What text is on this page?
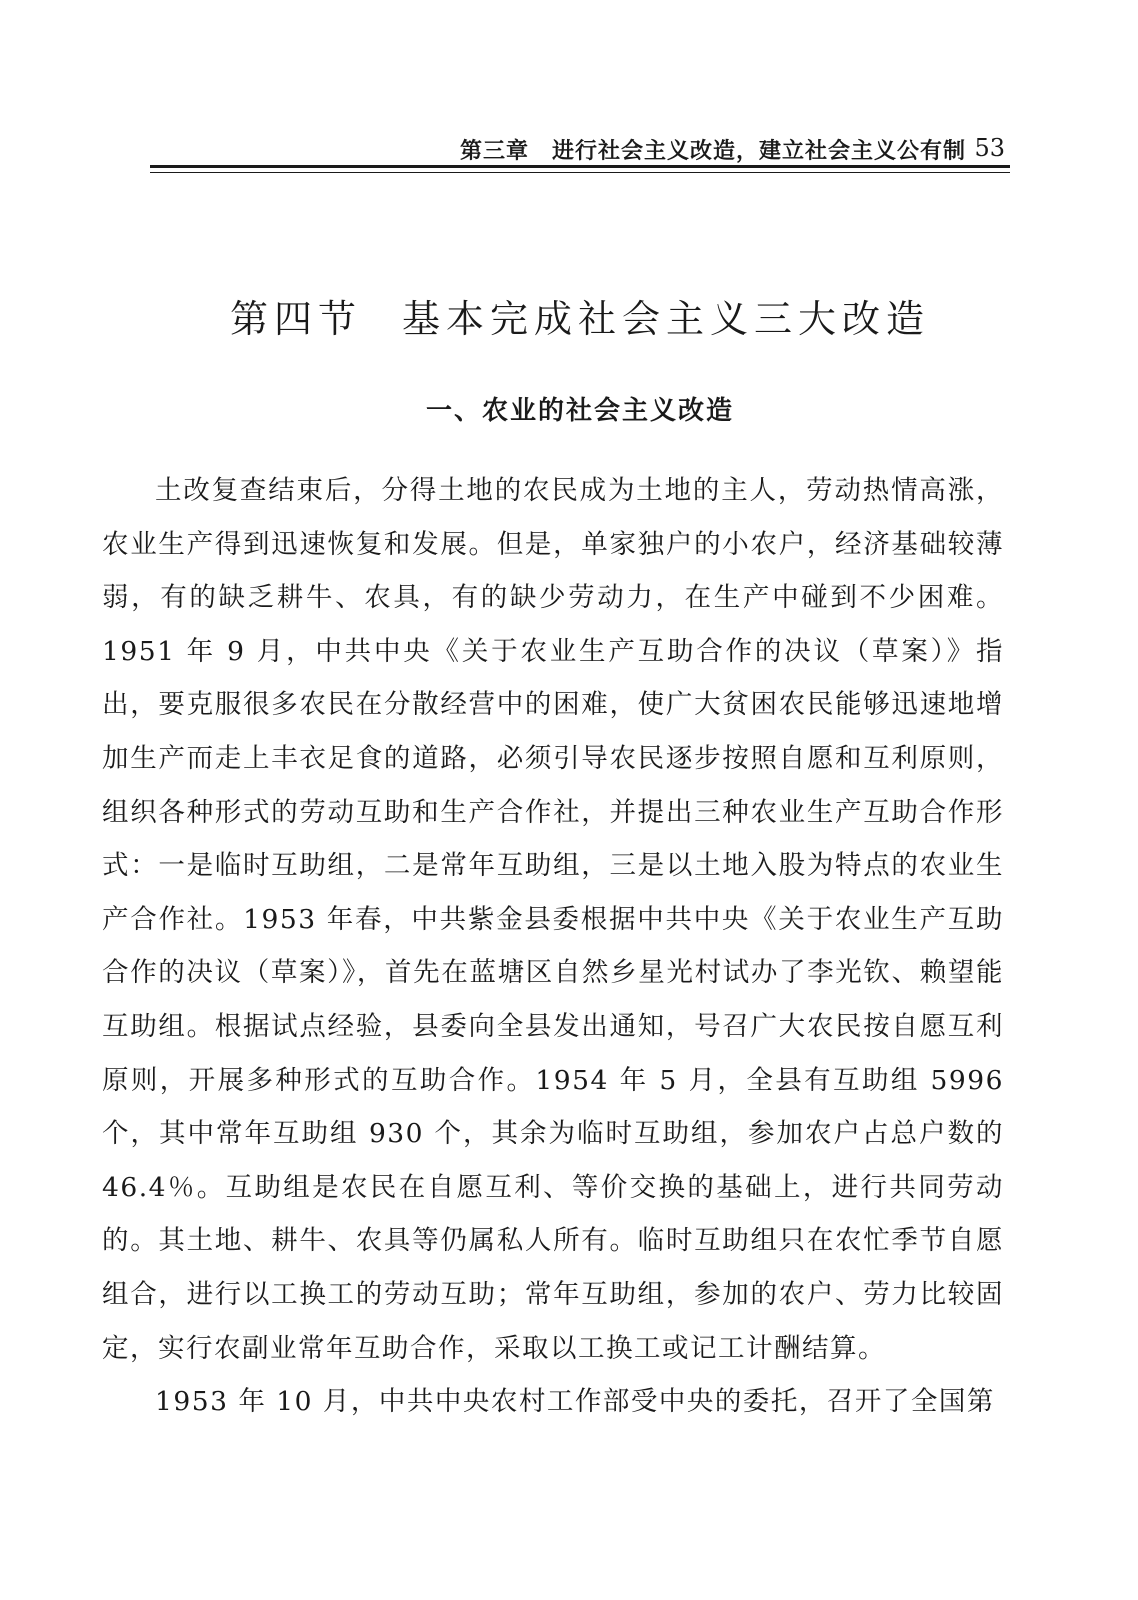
第三章 进行社会主义改造，建立社会主义公有制 53
第四节 基本完成社会主义三大改造
一、农业的社会主义改造

土改复查结束后，分得土地的农民成为土地的主人，劳动热情高涨，农业生产得到迅速恢复和发展。但是，单家独户的小农户，经济基础较薄弱，有的缺乏耕牛、农具，有的缺少劳动力，在生产中碰到不少困难。1951 年 9 月，中共中央《关于农业生产互助合作的决议（草案）》指出，要克服很多农民在分散经营中的困难，使广大贫困农民能够迅速地增加生产而走上丰衣足食的道路，必须引导农民逐步按照自愿和互利原则，组织各种形式的劳动互助和生产合作社，并提出三种农业生产互助合作形式：一是临时互助组，二是常年互助组，三是以土地入股为特点的农业生产合作社。1953 年春，中共紫金县委根据中共中央《关于农业生产互助合作的决议（草案）》，首先在蓝塘区自然乡星光村试办了李光钦、赖望能互助组。根据试点经验，县委向全县发出通知，号召广大农民按自愿互利原则，开展多种形式的互助合作。1954 年 5 月，全县有互助组 5996 个，其中常年互助组 930 个，其余为临时互助组，参加农户占总户数的 46.4％。互助组是农民在自愿互利、等价交换的基础上，进行共同劳动的。其土地、耕牛、农具等仍属私人所有。临时互助组只在农忙季节自愿组合，进行以工换工的劳动互助；常年互助组，参加的农户、劳力比较固定，实行农副业常年互助合作，采取以工换工或记工计酬结算。

1953 年 10 月，中共中央农村工作部受中央的委托，召开了全国第
